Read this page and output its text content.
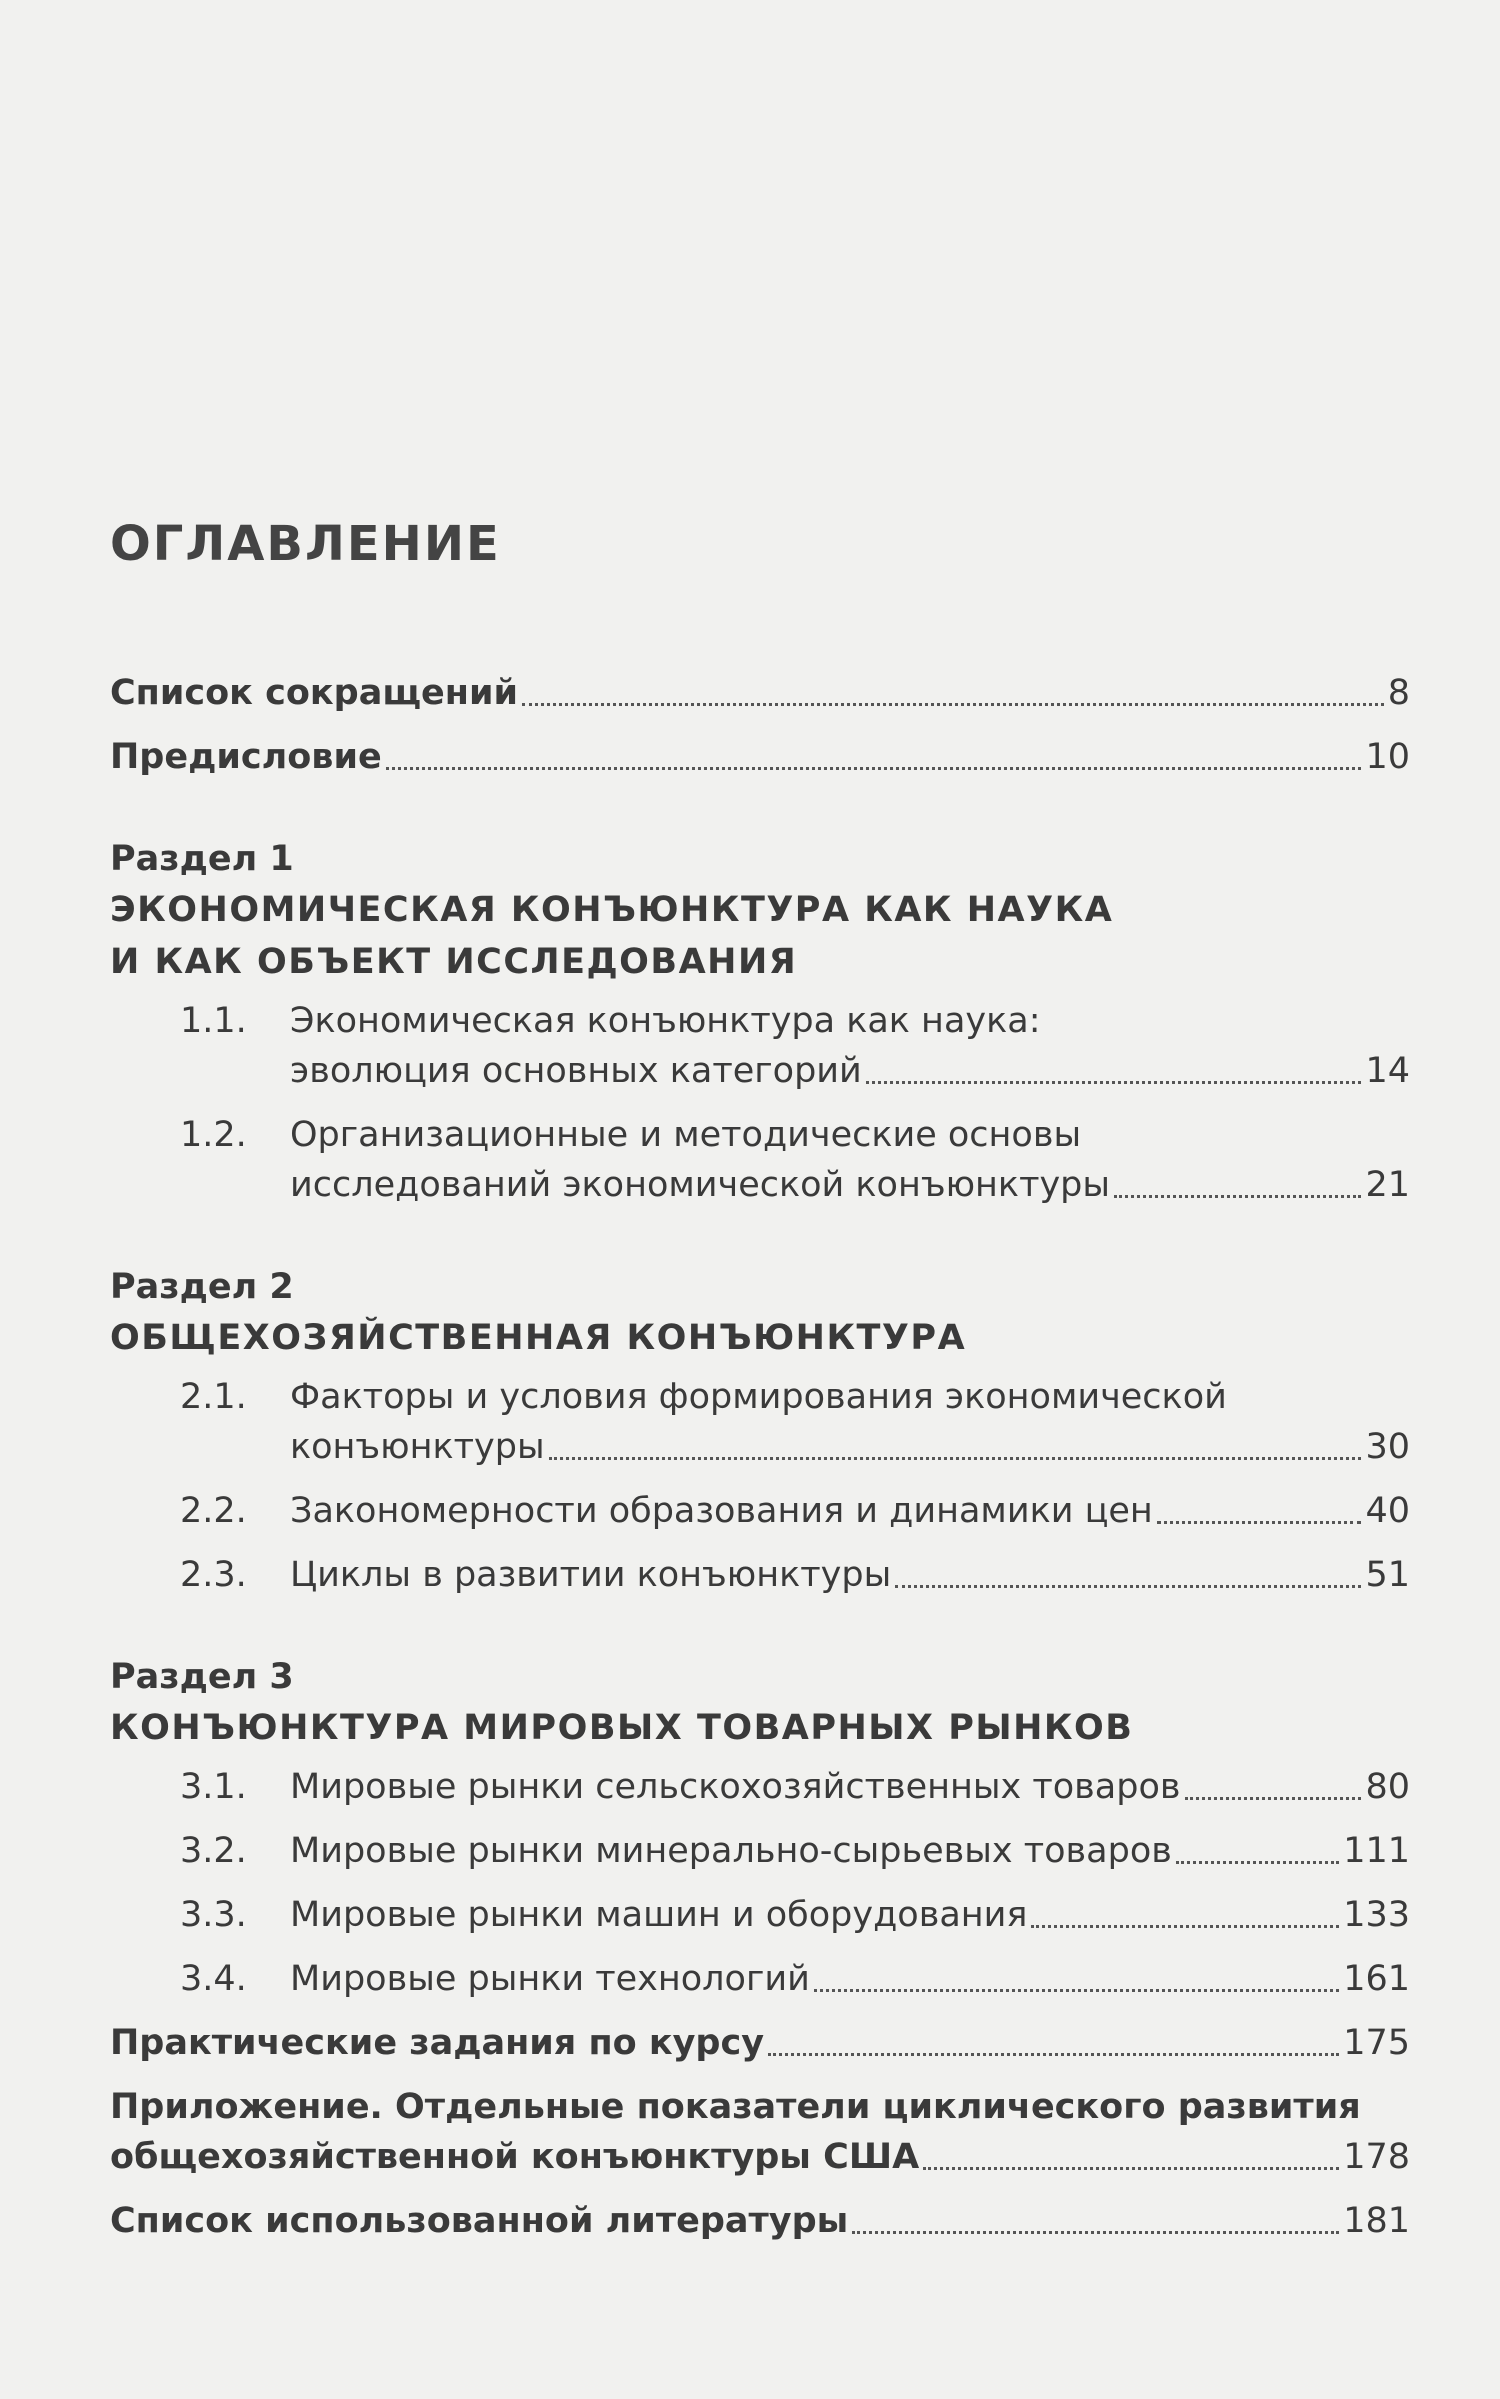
ОГЛАВЛЕНИЕ
Список сокращений	8
Предисловие	10
Раздел 1
ЭКОНОМИЧЕСКАЯ КОНЪЮНКТУРА КАК НАУКА
И КАК ОБЪЕКТ ИССЛЕДОВАНИЯ
1.1.	Экономическая конъюнктура как наука:
эволюция основных категорий	14
1.2.	Организационные и методические основы
исследований экономической конъюнктуры	21
Раздел 2
ОБЩЕХОЗЯЙСТВЕННАЯ КОНЪЮНКТУРА
2.1.	Факторы и условия формирования экономической
конъюнктуры	30
2.2.	Закономерности образования и динамики цен	40
2.3.	Циклы в развитии конъюнктуры	51
Раздел 3
КОНЪЮНКТУРА МИРОВЫХ ТОВАРНЫХ РЫНКОВ
3.1.	Мировые рынки сельскохозяйственных товаров	80
3.2.	Мировые рынки минерально-сырьевых товаров	111
3.3.	Мировые рынки машин и оборудования	133
3.4.	Мировые рынки технологий	161
Практические задания по курсу	175
Приложение. Отдельные показатели циклического развития
общехозяйственной конъюнктуры США	178
Список использованной литературы	181
